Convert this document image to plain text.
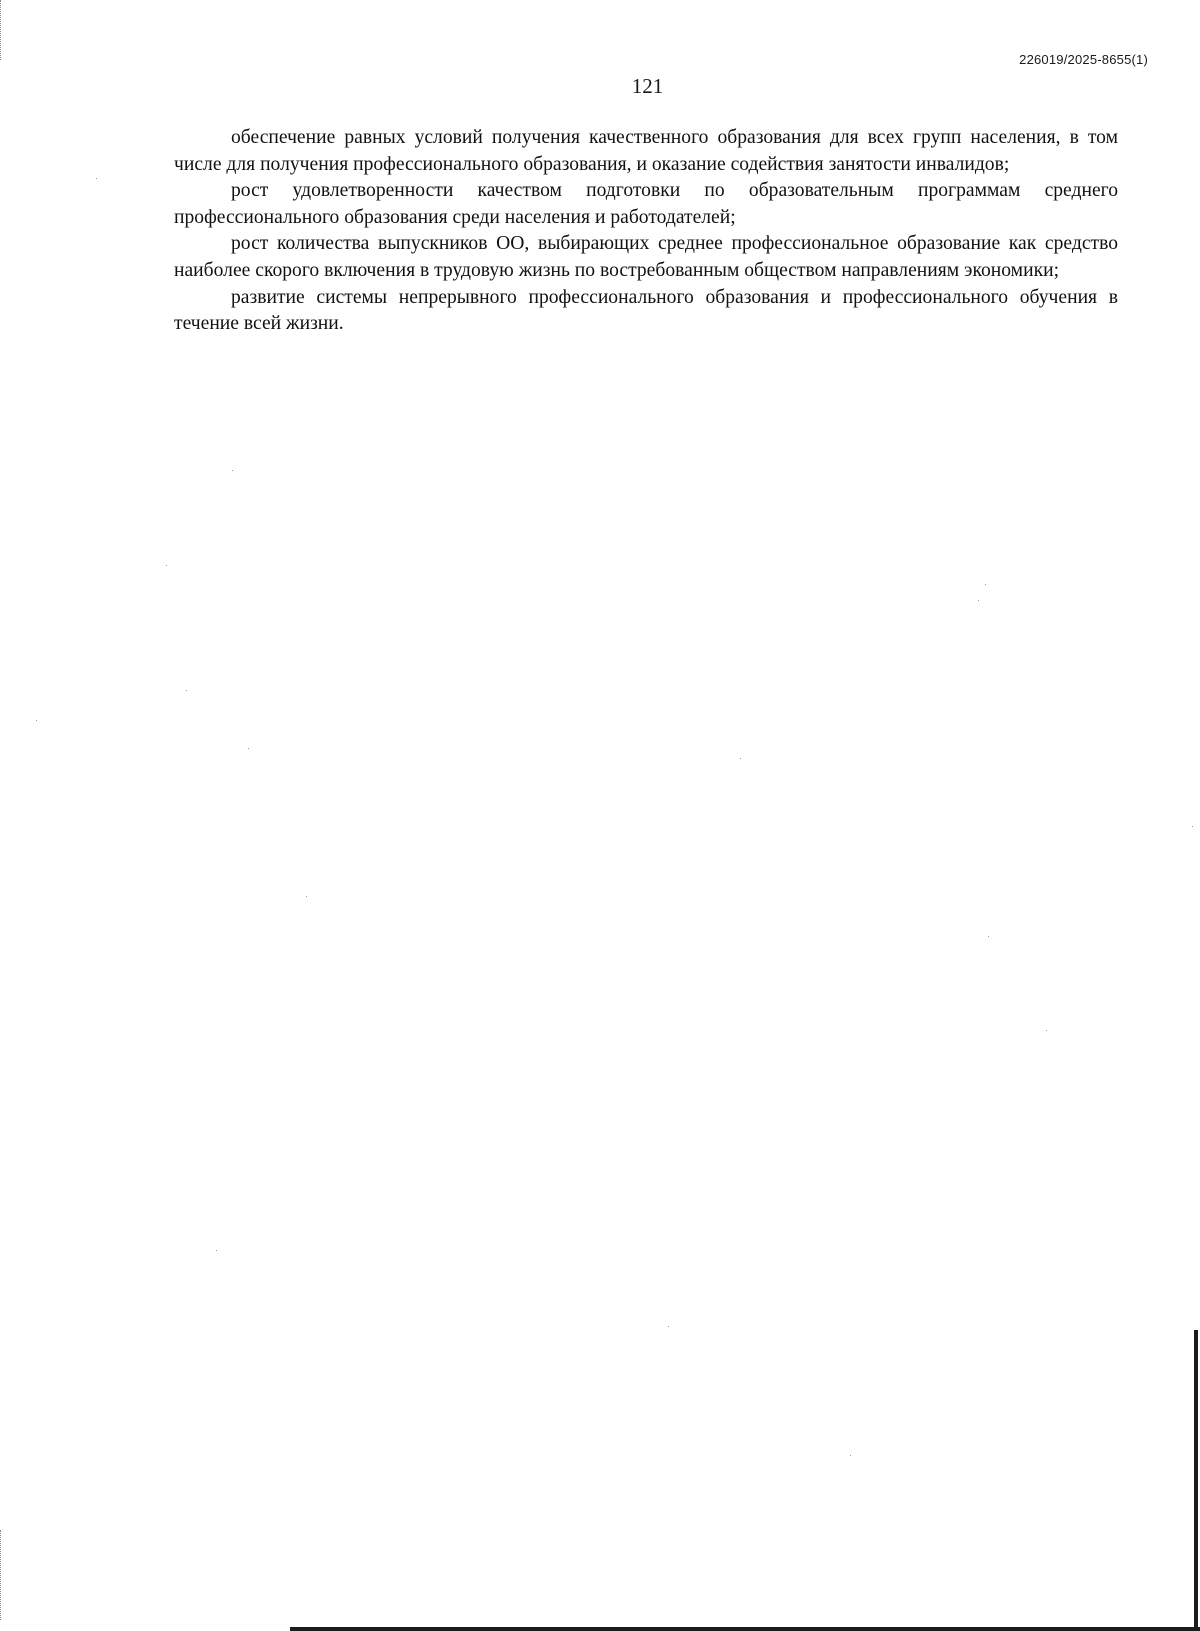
226019/2025-8655(1)
121

обеспечение равных условий получения качественного образования для всех групп населения, в том числе для получения профессионального образования, и оказание содействия занятости инвалидов;

рост удовлетворенности качеством подготовки по образовательным программам среднего профессионального образования среди населения и работодателей;

рост количества выпускников ОО, выбирающих среднее профессиональное образование как средство наиболее скорого включения в трудовую жизнь по востребованным обществом направлениям экономики;

развитие системы непрерывного профессионального образования и профессионального обучения в течение всей жизни.
